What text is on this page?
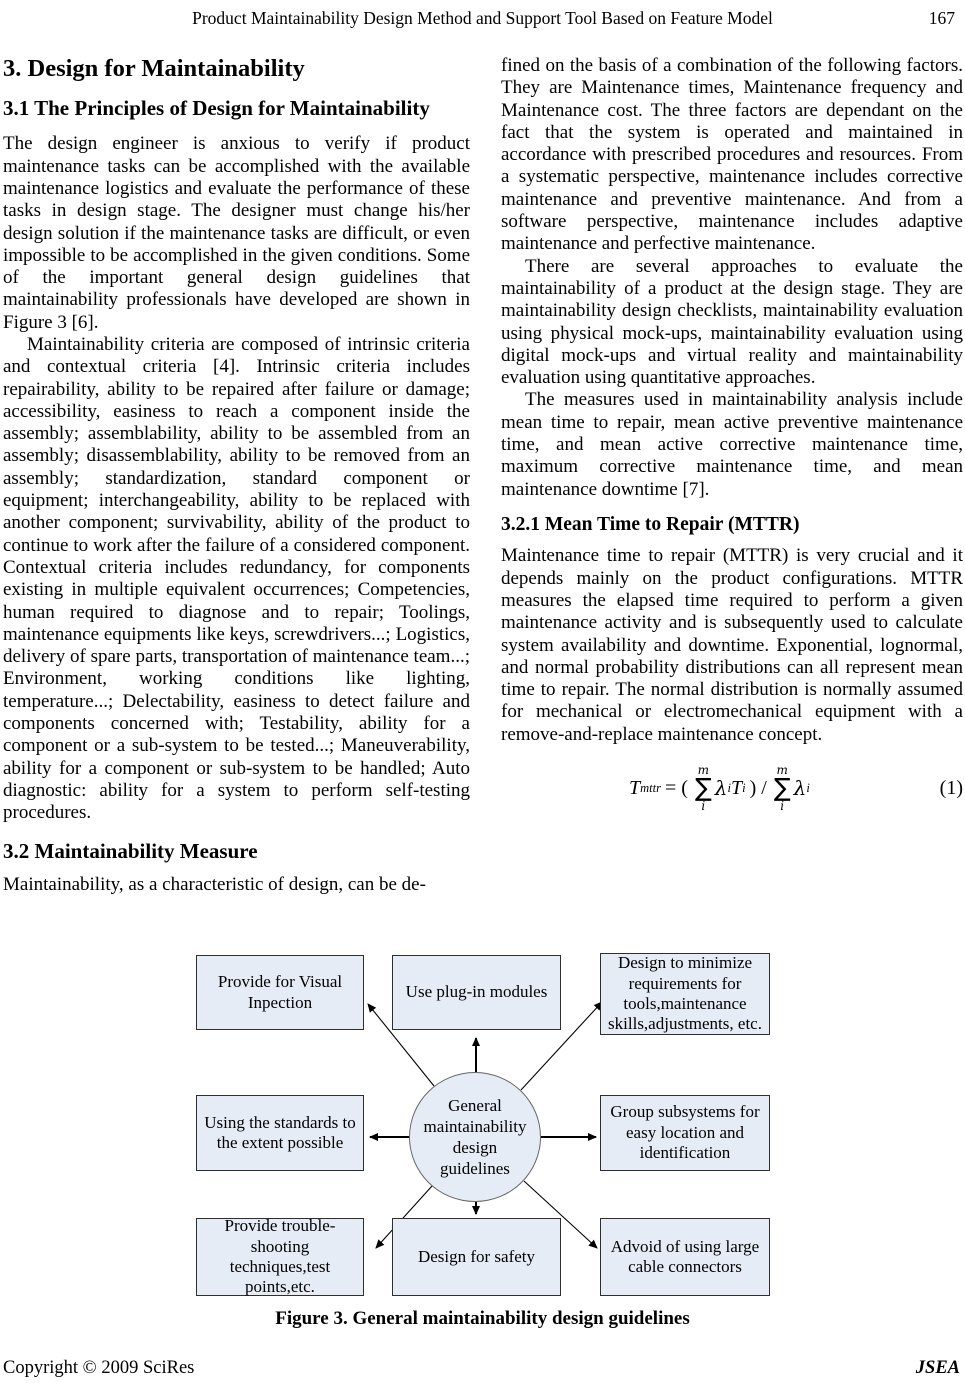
Product Maintainability Design Method and Support Tool Based on Feature Model	167
3. Design for Maintainability
3.1 The Principles of Design for Maintainability

The design engineer is anxious to verify if product maintenance tasks can be accomplished with the available maintenance logistics and evaluate the performance of these tasks in design stage. The designer must change his/her design solution if the maintenance tasks are difficult, or even impossible to be accomplished in the given conditions. Some of the important general design guidelines that maintainability professionals have developed are shown in Figure 3 [6].

Maintainability criteria are composed of intrinsic criteria and contextual criteria [4]. Intrinsic criteria includes repairability, ability to be repaired after failure or damage; accessibility, easiness to reach a component inside the assembly; assemblability, ability to be assembled from an assembly; disassemblability, ability to be removed from an assembly; standardization, standard component or equipment; interchangeability, ability to be replaced with another component; survivability, ability of the product to continue to work after the failure of a considered component. Contextual criteria includes redundancy, for components existing in multiple equivalent occurrences; Competencies, human required to diagnose and to repair; Toolings, maintenance equipments like keys, screwdrivers...; Logistics, delivery of spare parts, transportation of maintenance team...; Environment, working conditions like lighting, temperature...; Delectability, easiness to detect failure and components concerned with; Testability, ability for a component or a sub-system to be tested...; Maneuverability, ability for a component or sub-system to be handled; Auto diagnostic: ability for a system to perform self-testing procedures.

3.2 Maintainability Measure

Maintainability, as a characteristic of design, can be de-

fined on the basis of a combination of the following factors. They are Maintenance times, Maintenance frequency and Maintenance cost. The three factors are dependant on the fact that the system is operated and maintained in accordance with prescribed procedures and resources. From a systematic perspective, maintenance includes corrective maintenance and preventive maintenance. And from a software perspective, maintenance includes adaptive maintenance and perfective maintenance.

There are several approaches to evaluate the maintainability of a product at the design stage. They are maintainability design checklists, maintainability evaluation using physical mock-ups, maintainability evaluation using digital mock-ups and virtual reality and maintainability evaluation using quantitative approaches.

The measures used in maintainability analysis include mean time to repair, mean active preventive maintenance time, and mean active corrective maintenance time, maximum corrective maintenance time, and mean maintenance downtime [7].

3.2.1 Mean Time to Repair (MTTR)

Maintenance time to repair (MTTR) is very crucial and it depends mainly on the product configurations. MTTR measures the elapsed time required to perform a given maintenance activity and is subsequently used to calculate system availability and downtime. Exponential, lognormal, and normal probability distributions can all represent mean time to repair. The normal distribution is normally assumed for mechanical or electromechanical equipment with a remove-and-replace maintenance concept.

T mttr = (
m
∑
i
λ i T i ) /
m
∑
i
λ i	(1)
Provide for Visual Inpection
Use plug-in modules
Design to minimize requirements for tools,maintenance skills,adjustments, etc.
Using the standards to the extent possible
Group subsystems for easy location and identification
Provide trouble-shooting techniques,test points,etc.
Design for safety
Advoid of using large cable connectors
General maintainability design guidelines
Figure 3. General maintainability design guidelines
Copyright © 2009 SciRes	JSEA
